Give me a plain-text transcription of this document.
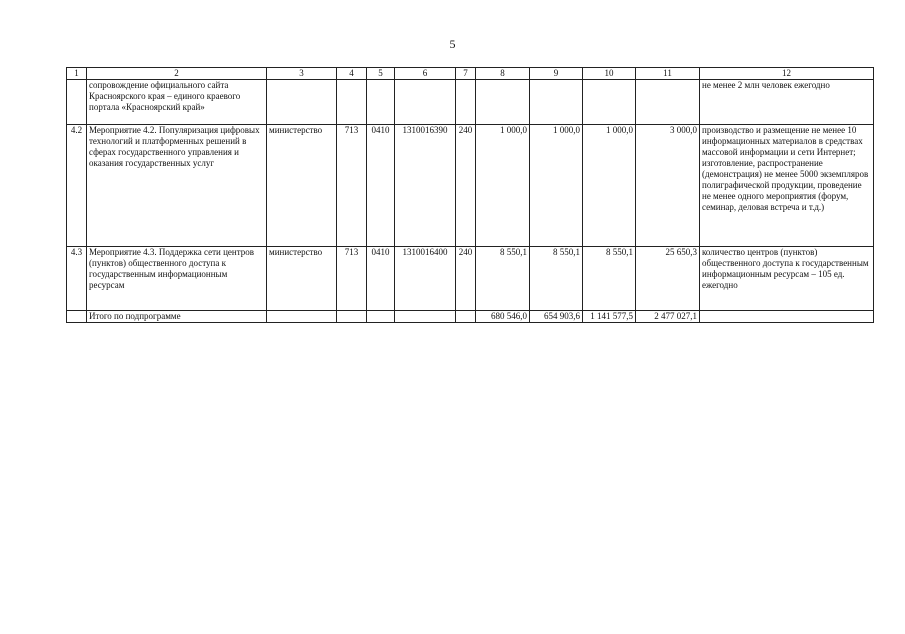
5
1	2	3	4	5	6	7	8	9	10	11	12
	сопровождение официального сайта Красноярского края – единого краевого портала «Красноярский край»										не менее 2 млн человек ежегодно
4.2	Мероприятие 4.2. Популяризация цифровых технологий и платформенных решений в сферах государственного управления и оказания государственных услуг	министерство	713	0410	1310016390	240	1 000,0	1 000,0	1 000,0	3 000,0	производство и размещение не менее 10 информационных материалов в средствах массовой информации и сети Интернет; изготовление, распространение (демонстрация) не менее 5000 экземпляров полиграфической продукции, проведение не менее одного мероприятия (форум, семинар, деловая встреча и т.д.)
4.3	Мероприятие 4.3. Поддержка сети центров (пунктов) общественного доступа к государственным информационным ресурсам	министерство	713	0410	1310016400	240	8 550,1	8 550,1	8 550,1	25 650,3	количество центров (пунктов) общественного доступа к государственным информационным ресурсам – 105 ед. ежегодно
	Итого по подпрограмме						680 546,0	654 903,6	1 141 577,5	2 477 027,1	
